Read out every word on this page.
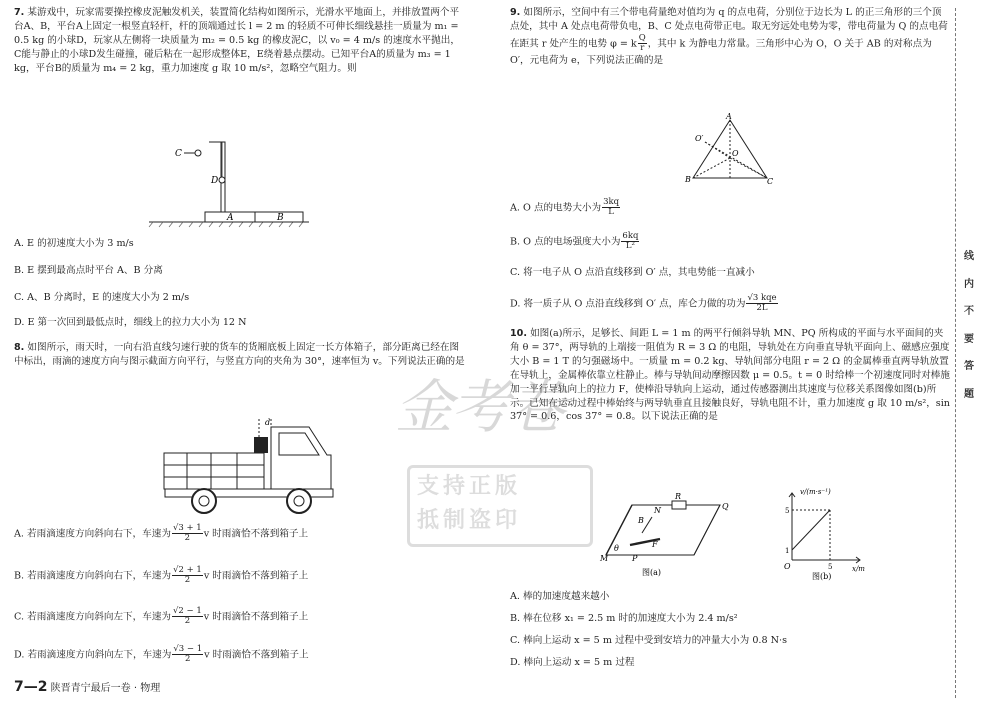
7. 某游戏中，玩家需要操控橡皮泥触发机关，装置简化结构如图所示，光滑水平地面上，并排放置两个平台A、B，平台A上固定一根竖直轻杆，杆的顶端通过长 l = 2 m 的轻质不可伸长细线悬挂一质量为 m₁ = 0.5 kg 的小球D，玩家从左侧将一块质量为 m₂ = 0.5 kg 的橡皮泥C，以 v₀ = 4 m/s 的速度水平抛出，C能与静止的小球D发生碰撞，碰后粘在一起形成整体E，E绕着悬点摆动。已知平台A的质量为 m₃ = 1 kg，平台B的质量为 m₄ = 2 kg，重力加速度 g 取 10 m/s²，忽略空气阻力。则
A	B
D
C
A. E 的初速度大小为 3 m/s
B. E 摆到最高点时平台 A、B 分离
C. A、B 分离时，E 的速度大小为 2 m/s
D. E 第一次回到最低点时，细线上的拉力大小为 12 N
8. 如图所示，雨天时，一向右沿直线匀速行驶的货车的货厢底板上固定一长方体箱子，部分距离已经在图中标出，雨滴的速度方向与图示截面方向平行，与竖直方向的夹角为 30°，速率恒为 v。下列说法正确的是
d
A. 若雨滴速度方向斜向右下，车速为 $\frac{√3 + 1}{2}$ v 时雨滴恰不落到箱子上
B. 若雨滴速度方向斜向右下，车速为 $\frac{√2 + 1}{2}$ v 时雨滴恰不落到箱子上
C. 若雨滴速度方向斜向左下，车速为 $\frac{√2 - 1}{2}$ v 时雨滴恰不落到箱子上
D. 若雨滴速度方向斜向左下，车速为 $\frac{√3 - 1}{2}$ v 时雨滴恰不落到箱子上
9. 如图所示，空间中有三个带电荷量绝对值均为 q 的点电荷，分别位于边长为 L 的正三角形的三个顶点处，其中 A 处点电荷带负电，B、C 处点电荷带正电。取无穷远处电势为零，带电荷量为 Q 的点电荷在距其 r 处产生的电势 φ = k $\frac{Q}{r}$ ，其中 k 为静电力常量。三角形中心为 O，O 关于 AB 的对称点为 O′，元电荷为 e，下列说法正确的是
A
B	C
O
O′
A. O 点的电势大小为 $\frac{3kq}{L}$
B. O 点的电场强度大小为 $\frac{6kq}{\text{L²}}$
C. 将一电子从 O 点沿直线移到 O′ 点，其电势能一直减小
D. 将一质子从 O 点沿直线移到 O′ 点，库仑力做的功为 $\frac{\text{√3 kqe}}{2L}$
10. 如图(a)所示，足够长、间距 L = 1 m 的两平行倾斜导轨 MN、PQ 所构成的平面与水平面间的夹角 θ = 37°，两导轨的上端接一阻值为 R = 3 Ω 的电阻，导轨处在方向垂直导轨平面向上、磁感应强度大小 B = 1 T 的匀强磁场中。一质量 m = 0.2 kg、导轨间部分电阻 r = 2 Ω 的金属棒垂直两导轨放置在导轨上，金属棒依靠立柱静止。棒与导轨间动摩擦因数 μ = 0.5。t = 0 时给棒一个初速度同时对棒施加一平行导轨向上的拉力 F，使棒沿导轨向上运动，通过传感器测出其速度与位移关系图像如图(b)所示。已知在运动过程中棒始终与两导轨垂直且接触良好，导轨电阻不计，重力加速度 g 取 10 m/s²，sin 37° = 0.6，cos 37° = 0.8。以下说法正确的是
R
N	Q
M	P
B
F
θ
图(a)
v/(m·s⁻¹)
x/m
O
1
5
5
图(b)
A. 棒的加速度越来越小
B. 棒在位移 x₁ = 2.5 m 时的加速度大小为 2.4 m/s²
C. 棒向上运动 x = 5 m 过程中受到安培力的冲量大小为 0.8 N·s
D. 棒向上运动 x = 5 m 过程
金考卷
支持正版
抵制盗印
线
内
不
要
答
题
7—2 陕晋青宁最后一卷 · 物理
